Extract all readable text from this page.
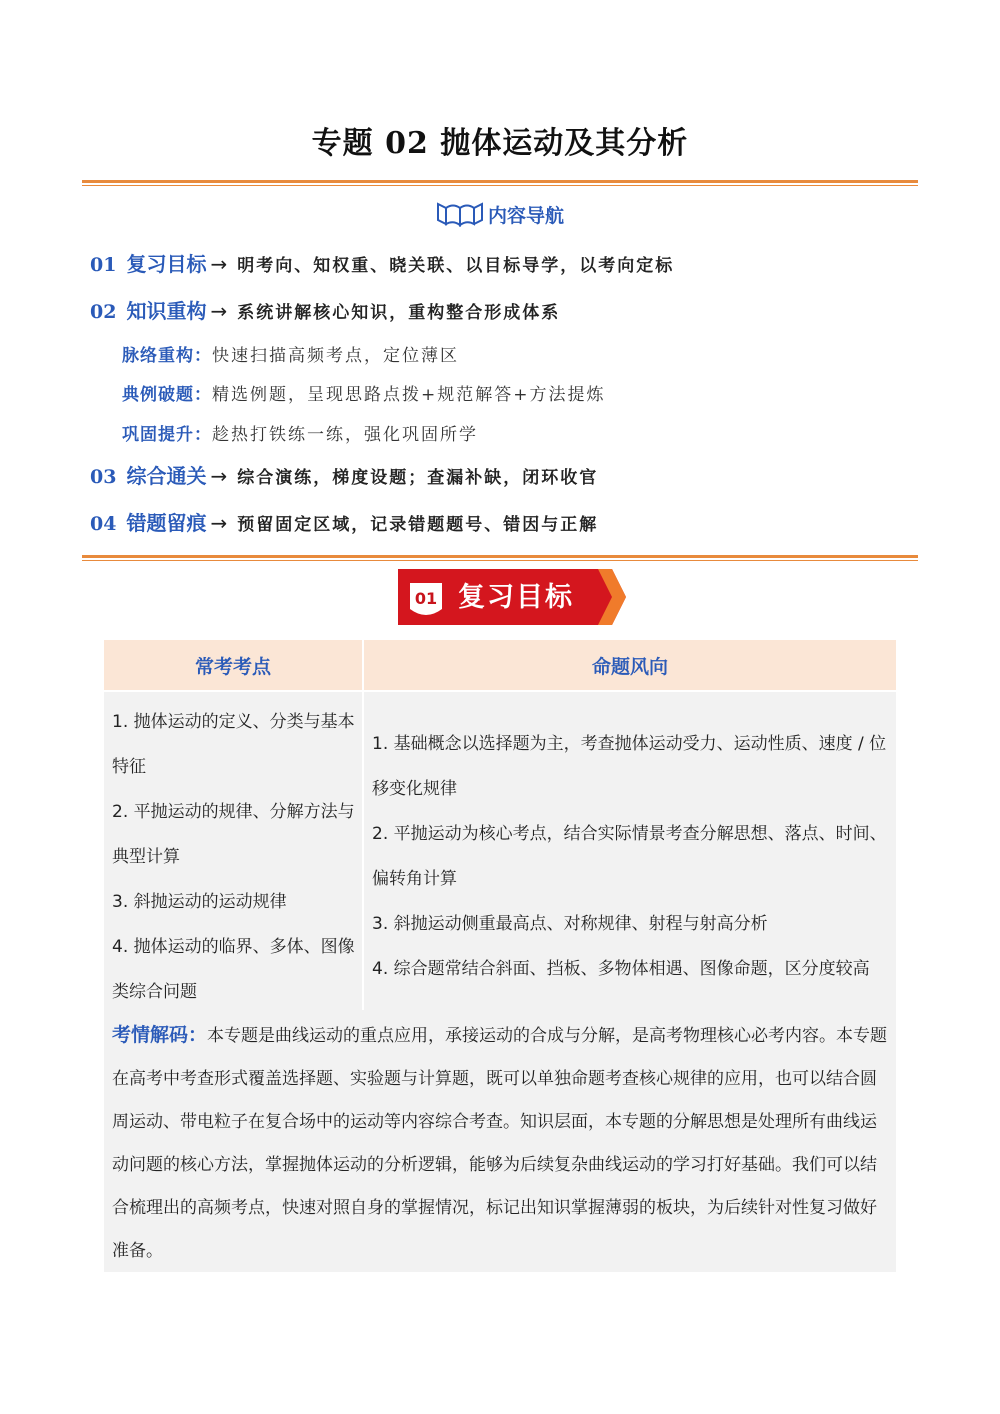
专题 02 抛体运动及其分析
内容导航
01 复习目标 → 明考向、知权重、晓关联、以目标导学，以考向定标
02 知识重构 → 系统讲解核心知识，重构整合形成体系
脉络重构： 快速扫描高频考点，定位薄区
典例破题： 精选例题，呈现思路点拨+规范解答+方法提炼
巩固提升： 趁热打铁练一练，强化巩固所学
03 综合通关 → 综合演练，梯度设题；查漏补缺，闭环收官
04 错题留痕 → 预留固定区域，记录错题题号、错因与正解
01 复习目标
常考考点	命题风向
1. 抛体运动的定义、分类与基本特征
2. 平抛运动的规律、分解方法与典型计算
3. 斜抛运动的运动规律
4. 抛体运动的临界、多体、图像类综合问题
1. 基础概念以选择题为主，考查抛体运动受力、运动性质、速度 / 位移变化规律
2. 平抛运动为核心考点，结合实际情景考查分解思想、落点、时间、偏转角计算
3. 斜抛运动侧重最高点、对称规律、射程与射高分析
4. 综合题常结合斜面、挡板、多物体相遇、图像命题，区分度较高
考情解码：本专题是曲线运动的重点应用，承接运动的合成与分解，是高考物理核心必考内容。本专题在高考中考查形式覆盖选择题、实验题与计算题，既可以单独命题考查核心规律的应用，也可以结合圆周运动、带电粒子在复合场中的运动等内容综合考查。知识层面，本专题的分解思想是处理所有曲线运动问题的核心方法，掌握抛体运动的分析逻辑，能够为后续复杂曲线运动的学习打好基础。我们可以结合梳理出的高频考点，快速对照自身的掌握情况，标记出知识掌握薄弱的板块，为后续针对性复习做好准备。
